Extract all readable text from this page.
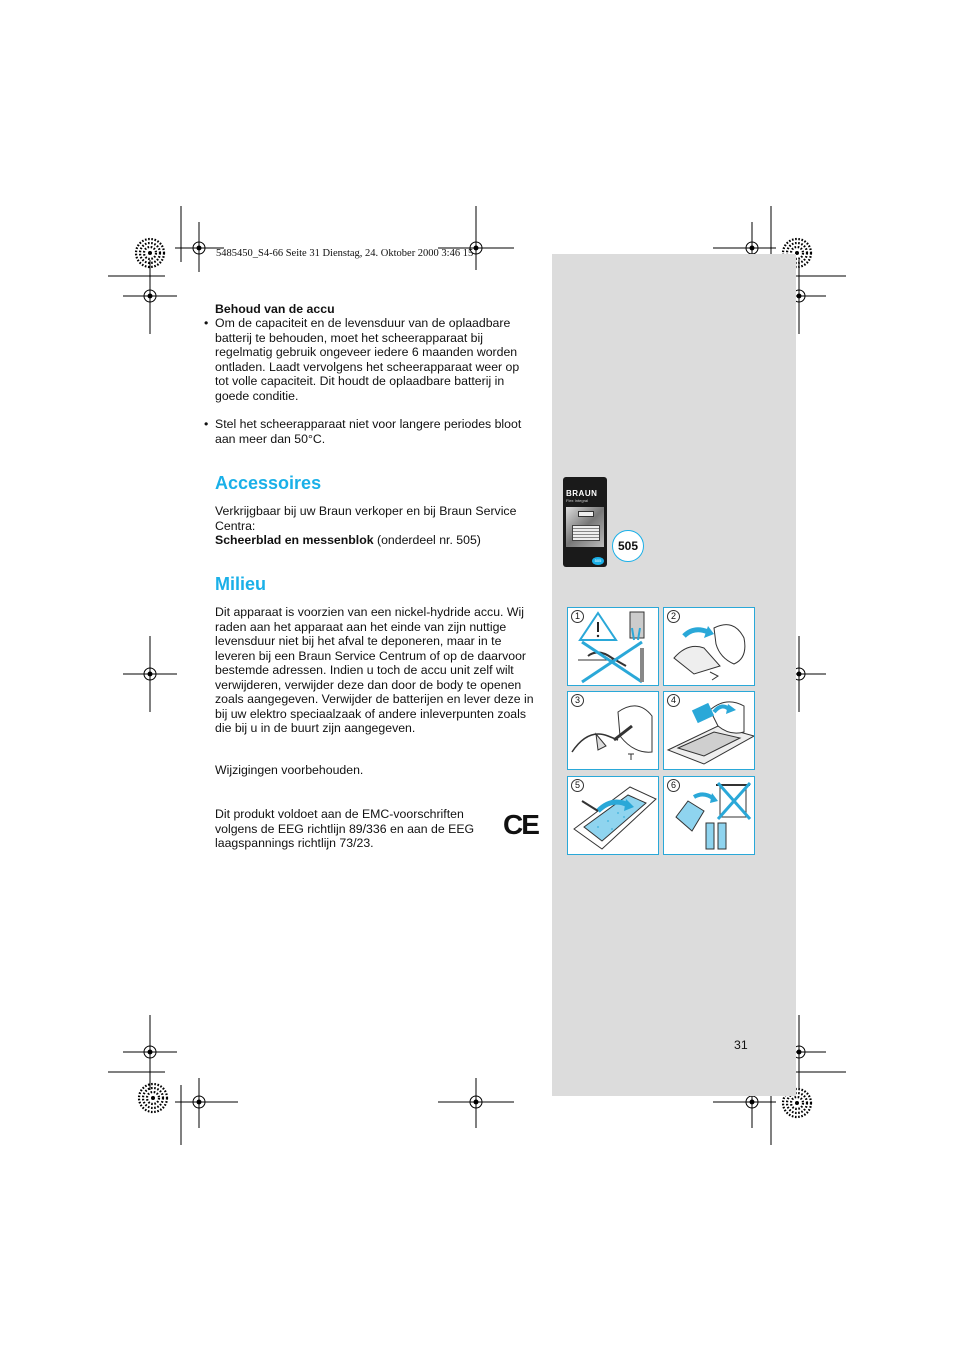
5485450_S4-66 Seite 31 Dienstag, 24. Oktober 2000 3:46 15
Behoud van de accu
• Om de capaciteit en de levensduur van de oplaadbare batterij te behouden, moet het scheerapparaat bij regelmatig gebruik ongeveer iedere 6 maanden worden ontladen. Laadt vervolgens het scheerapparaat weer op tot volle capaciteit. Dit houdt de oplaadbare batterij in goede conditie.
• Stel het scheerapparaat niet voor langere periodes bloot aan meer dan 50°C.
Accessoires
Verkrijgbaar bij uw Braun verkoper en bij Braun Service Centra:
Scheerblad en messenblok (onderdeel nr. 505)
Milieu
Dit apparaat is voorzien van een nickel-hydride accu. Wij raden aan het apparaat aan het einde van zijn nuttige levensduur niet bij het afval te deponeren, maar in te leveren bij een Braun Service Centrum of op de daarvoor bestemde adressen. Indien u toch de accu unit zelf wilt verwijderen, verwijder deze dan door de body te openen zoals aangegeven. Verwijder de batterijen en lever deze in bij uw elektro speciaalzaak of andere inleverpunten zoals die bij u in de buurt zijn aangegeven.
Wijzigingen voorbehouden.
Dit produkt voldoet aan de EMC-voorschriften volgens de EEG richtlijn 89/336 en aan de EEG laagspannings richtlijn 73/23.
CE
BRAUN
Flex Integral
505
505
1	2
3	4
5	6
31
